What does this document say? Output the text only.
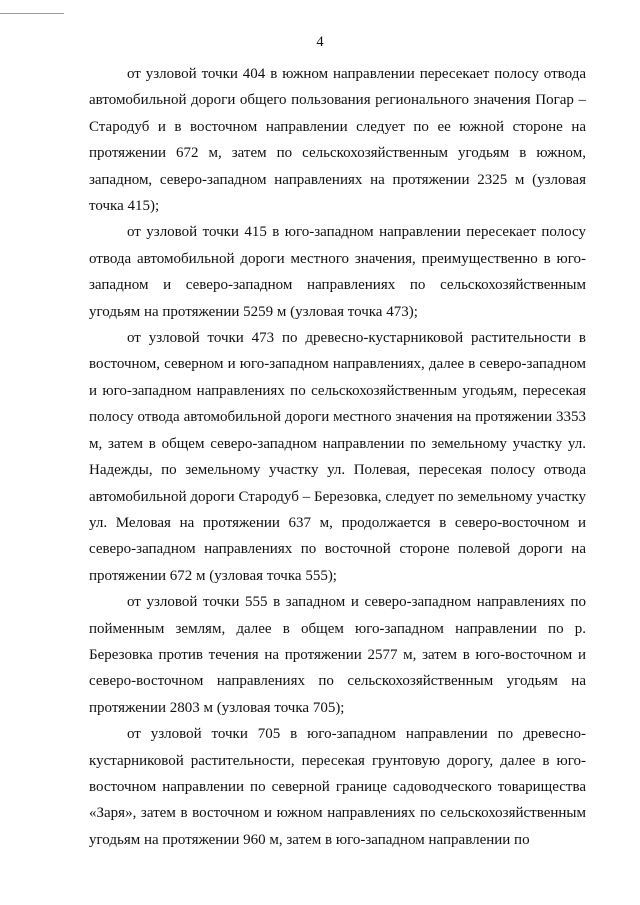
4

от узловой точки 404 в южном направлении пересекает полосу отвода автомобильной дороги общего пользования регионального значения Погар – Стародуб и в восточном направлении следует по ее южной стороне на протяжении 672 м, затем по сельскохозяйственным угодьям в южном, западном, северо-западном направлениях на протяжении 2325 м (узловая точка 415);

от узловой точки 415 в юго-западном направлении пересекает полосу отвода автомобильной дороги местного значения, преимущественно в юго-западном и северо-западном направлениях по сельскохозяйственным угодьям на протяжении 5259 м (узловая точка 473);

от узловой точки 473 по древесно-кустарниковой растительности в восточном, северном и юго-западном направлениях, далее в северо-западном и юго-западном направлениях по сельскохозяйственным угодьям, пересекая полосу отвода автомобильной дороги местного значения на протяжении 3353 м, затем в общем северо-западном направлении по земельному участку ул. Надежды, по земельному участку ул. Полевая, пересекая полосу отвода автомобильной дороги Стародуб – Березовка, следует по земельному участку ул. Меловая на протяжении 637 м, продолжается в северо-восточном и северо-западном направлениях по восточной стороне полевой дороги на протяжении 672 м (узловая точка 555);

от узловой точки 555 в западном и северо-западном направлениях по пойменным землям, далее в общем юго-западном направлении по р. Березовка против течения на протяжении 2577 м, затем в юго-восточном и северо-восточном направлениях по сельскохозяйственным угодьям на протяжении 2803 м (узловая точка 705);

от узловой точки 705 в юго-западном направлении по древесно-кустарниковой растительности, пересекая грунтовую дорогу, далее в юго-восточном направлении по северной границе садоводческого товарищества «Заря», затем в восточном и южном направлениях по сельскохозяйственным угодьям на протяжении 960 м, затем в юго-западном направлении по
